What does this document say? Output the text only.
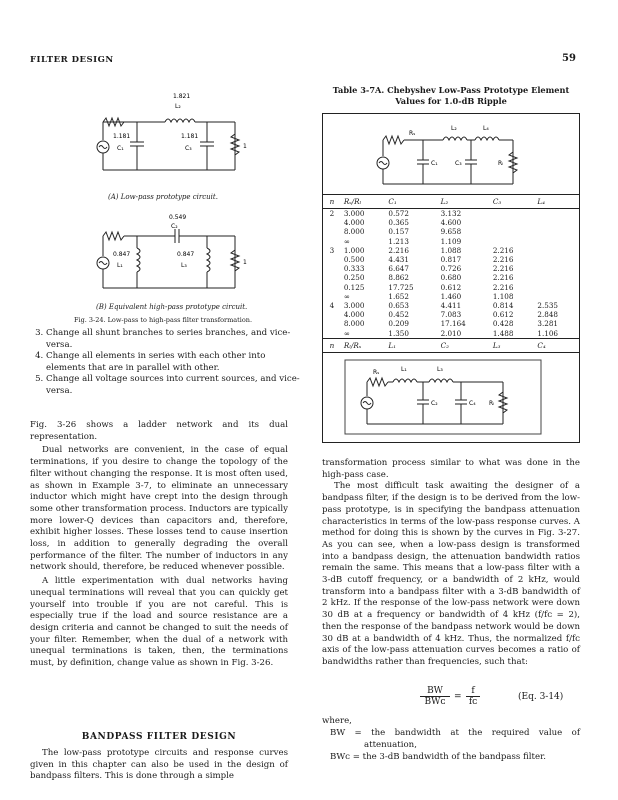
FILTER DESIGN	59
1.821
L₂
1.181
C₁
1.181
C₃	1
(A) Low-pass prototype circuit.
0.549
C₂
0.847
L₁
0.847
L₃	1
(B) Equivalent high-pass prototype circuit.
Fig. 3-24. Low-pass to high-pass filter transformation.
3. Change all shunt branches to series branches, and vice-versa.
4. Change all elements in series with each other into elements that are in parallel with other.
5. Change all voltage sources into current sources, and vice-versa.

Fig. 3-26 shows a ladder network and its dual representation.

Dual networks are convenient, in the case of equal terminations, if you desire to change the topology of the filter without changing the response. It is most often used, as shown in Example 3-7, to eliminate an unnecessary inductor which might have crept into the design through some other transformation process. Inductors are typically more lower-Q devices than capacitors and, therefore, exhibit higher losses. These losses tend to cause insertion loss, in addition to generally degrading the overall performance of the filter. The number of inductors in any network should, therefore, be reduced whenever possible.

A little experimentation with dual networks having unequal terminations will reveal that you can quickly get yourself into trouble if you are not careful. This is especially true if the load and source resistance are a design criteria and cannot be changed to suit the needs of your filter. Remember, when the dual of a network with unequal terminations is taken, then, the terminations must, by definition, change value as shown in Fig. 3-26.

BANDPASS FILTER DESIGN

The low-pass prototype circuits and response curves given in this chapter can also be used in the design of bandpass filters. This is done through a simple

Table 3-7A. Chebyshev Low-Pass Prototype Element
Values for 1.0-dB Ripple
Rₛ
L₂	L₄
C₁	C₃	Rₗ
n	Rₛ/Rₗ	C₁	L₂	C₃	L₄
2	3.000	0.572	3.132		
	4.000	0.365	4.600		
	8.000	0.157	9.658		
	∞	1.213	1.109		
3	1.000	2.216	1.088	2.216	
	0.500	4.431	0.817	2.216	
	0.333	6.647	0.726	2.216	
	0.250	8.862	0.680	2.216	
	0.125	17.725	0.612	2.216	
	∞	1.652	1.460	1.108	
4	3.000	0.653	4.411	0.814	2.535
	4.000	0.452	7.083	0.612	2.848
	8.000	0.209	17.164	0.428	3.281
	∞	1.350	2.010	1.488	1.106
n	Rₗ/Rₛ	L₁	C₂	L₃	C₄
Rₛ	L₁	L₃
C₂	C₄ Rₗ

transformation process similar to what was done in the high-pass case.

The most difficult task awaiting the designer of a bandpass filter, if the design is to be derived from the low-pass prototype, is in specifying the bandpass attenuation characteristics in terms of the low-pass response curves. A method for doing this is shown by the curves in Fig. 3-27. As you can see, when a low-pass design is transformed into a bandpass design, the attenuation bandwidth ratios remain the same. This means that a low-pass filter with a 3-dB cutoff frequency, or a bandwidth of 2 kHz, would transform into a bandpass filter with a 3-dB bandwidth of 2 kHz. If the response of the low-pass network were down 30 dB at a frequency or bandwidth of 4 kHz (f/fᴄ = 2), then the response of the bandpass network would be down 30 dB at a bandwidth of 4 kHz. Thus, the normalized f/fᴄ axis of the low-pass attenuation curves becomes a ratio of bandwidths rather than frequencies, such that:

BW
BWᴄ = $\frac{f}{\text{fᴄ}}$	(Eq. 3-14)
where,
BW = the bandwidth at the required value of attenuation,
BWᴄ = the 3-dB bandwidth of the bandpass filter.
